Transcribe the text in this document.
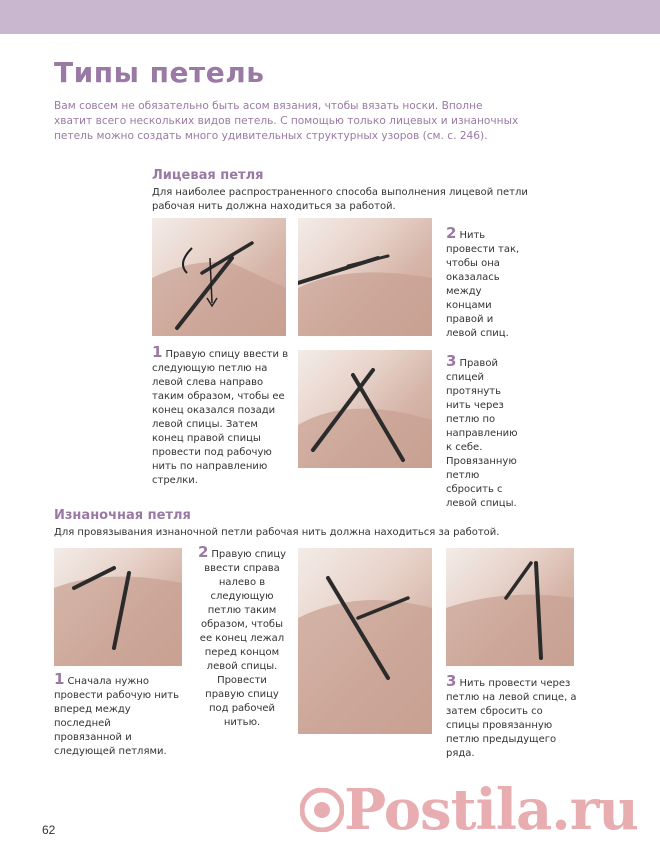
Типы петель

Вам совсем не обязательно быть асом вязания, чтобы вязать носки. Вполне хватит всего нескольких видов петель. С помощью только лицевых и изнаночных петель можно создать много удивительных структурных узоров (см. с. 246).

Лицевая петля

Для наиболее распространенного способа выполнения лицевой петли рабочая нить должна находиться за работой.

1 Правую спицу ввести в следующую петлю на левой слева направо таким образом, чтобы ее конец оказался позади левой спицы. Затем конец правой спицы провести под рабочую нить по направлению стрелки.

2 Нить провести так, чтобы она оказалась между концами правой и левой спиц.

3 Правой спицей протянуть нить через петлю по направлению к себе. Провязанную петлю сбросить с левой спицы.

Изнаночная петля

Для провязывания изнаночной петли рабочая нить должна находиться за работой.

1 Сначала нужно провести рабочую нить вперед между последней провязанной и следующей петлями.

2 Правую спицу ввести справа налево в следующую петлю таким образом, чтобы ее конец лежал перед концом левой спицы. Провести правую спицу под рабочей нитью.

3 Нить провести через петлю на левой спице, а затем сбросить со спицы провязанную петлю предыдущего ряда.

62	Postila.ru
